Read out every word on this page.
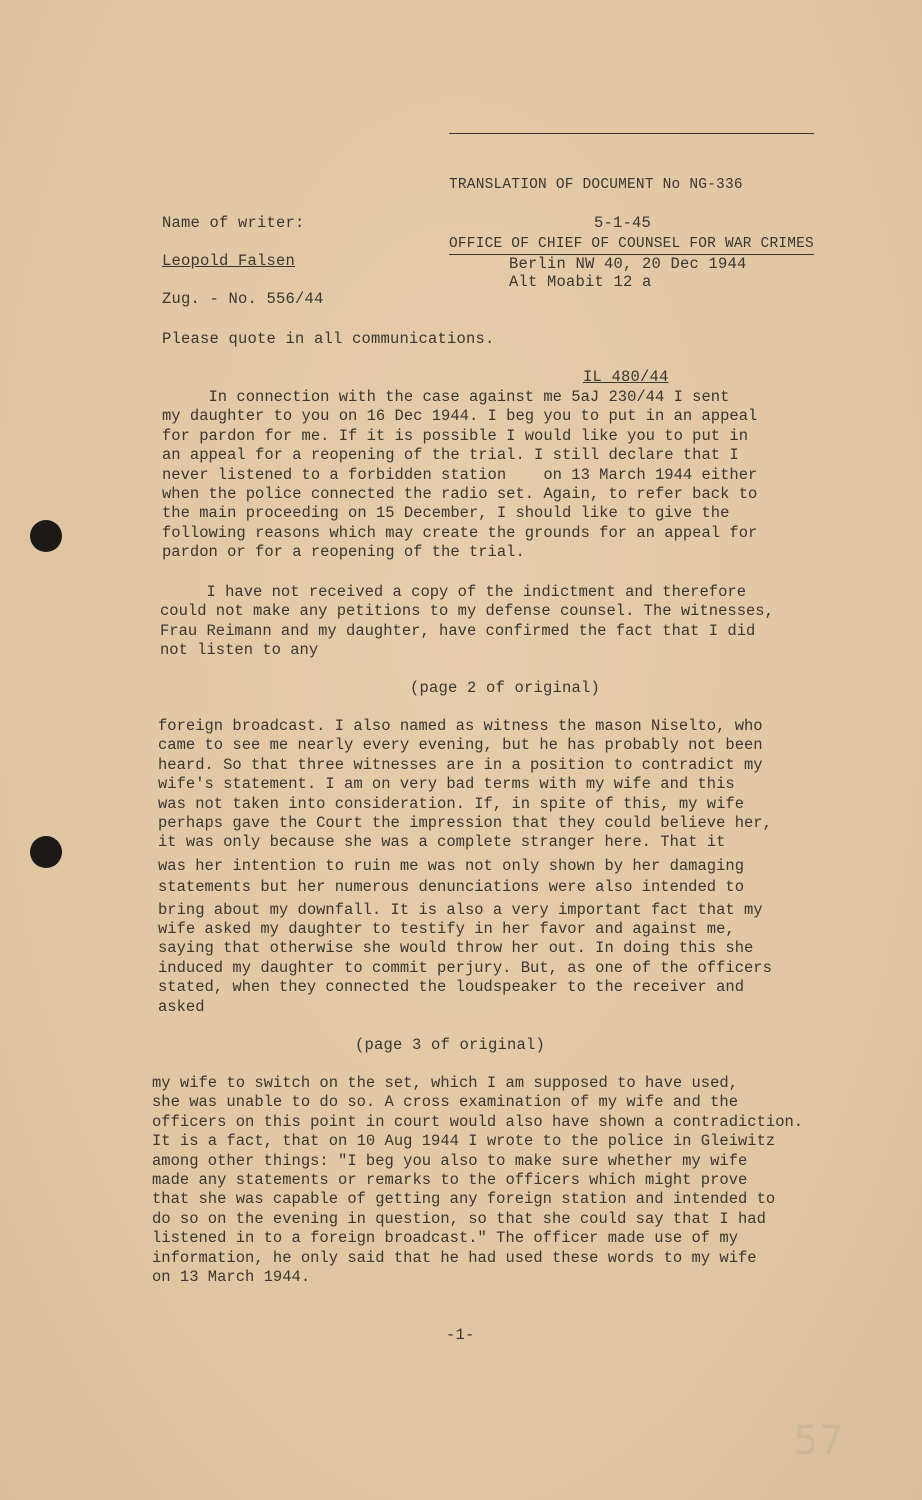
TRANSLATION OF DOCUMENT No NG-336

OFFICE OF CHIEF OF COUNSEL FOR WAR CRIMES

Name of writer:	5-1-45
Leopold Falsen	Berlin NW 40, 20 Dec 1944
Alt Moabit 12 a
Zug. - No. 556/44
Please quote in all communications.
IL 480/44
In connection with the case against me 5aJ 230/44 I sent
my daughter to you on 16 Dec 1944. I beg you to put in an appeal
for pardon for me. If it is possible I would like you to put in
an appeal for a reopening of the trial. I still declare that I
never listened to a forbidden station    on 13 March 1944 either
when the police connected the radio set. Again, to refer back to
the main proceeding on 15 December, I should like to give the
following reasons which may create the grounds for an appeal for
pardon or for a reopening of the trial.
I have not received a copy of the indictment and therefore
could not make any petitions to my defense counsel. The witnesses,
Frau Reimann and my daughter, have confirmed the fact that I did
not listen to any
(page 2 of original)
foreign broadcast. I also named as witness the mason Niselto, who
came to see me nearly every evening, but he has probably not been
heard. So that three witnesses are in a position to contradict my
wife's statement. I am on very bad terms with my wife and this
was not taken into consideration. If, in spite of this, my wife
perhaps gave the Court the impression that they could believe her,
it was only because she was a complete stranger here. That it
was her intention to ruin me was not only shown by her damaging
statements but her numerous denunciations were also intended to
bring about my downfall. It is also a very important fact that my
wife asked my daughter to testify in her favor and against me,
saying that otherwise she would throw her out. In doing this she
induced my daughter to commit perjury. But, as one of the officers
stated, when they connected the loudspeaker to the receiver and
asked
(page 3 of original)
my wife to switch on the set, which I am supposed to have used,
she was unable to do so. A cross examination of my wife and the
officers on this point in court would also have shown a contradiction.
It is a fact, that on 10 Aug 1944 I wrote to the police in Gleiwitz
among other things: "I beg you also to make sure whether my wife
made any statements or remarks to the officers which might prove
that she was capable of getting any foreign station and intended to
do so on the evening in question, so that she could say that I had
listened in to a foreign broadcast." The officer made use of my
information, he only said that he had used these words to my wife
on 13 March 1944.
-1-
57
